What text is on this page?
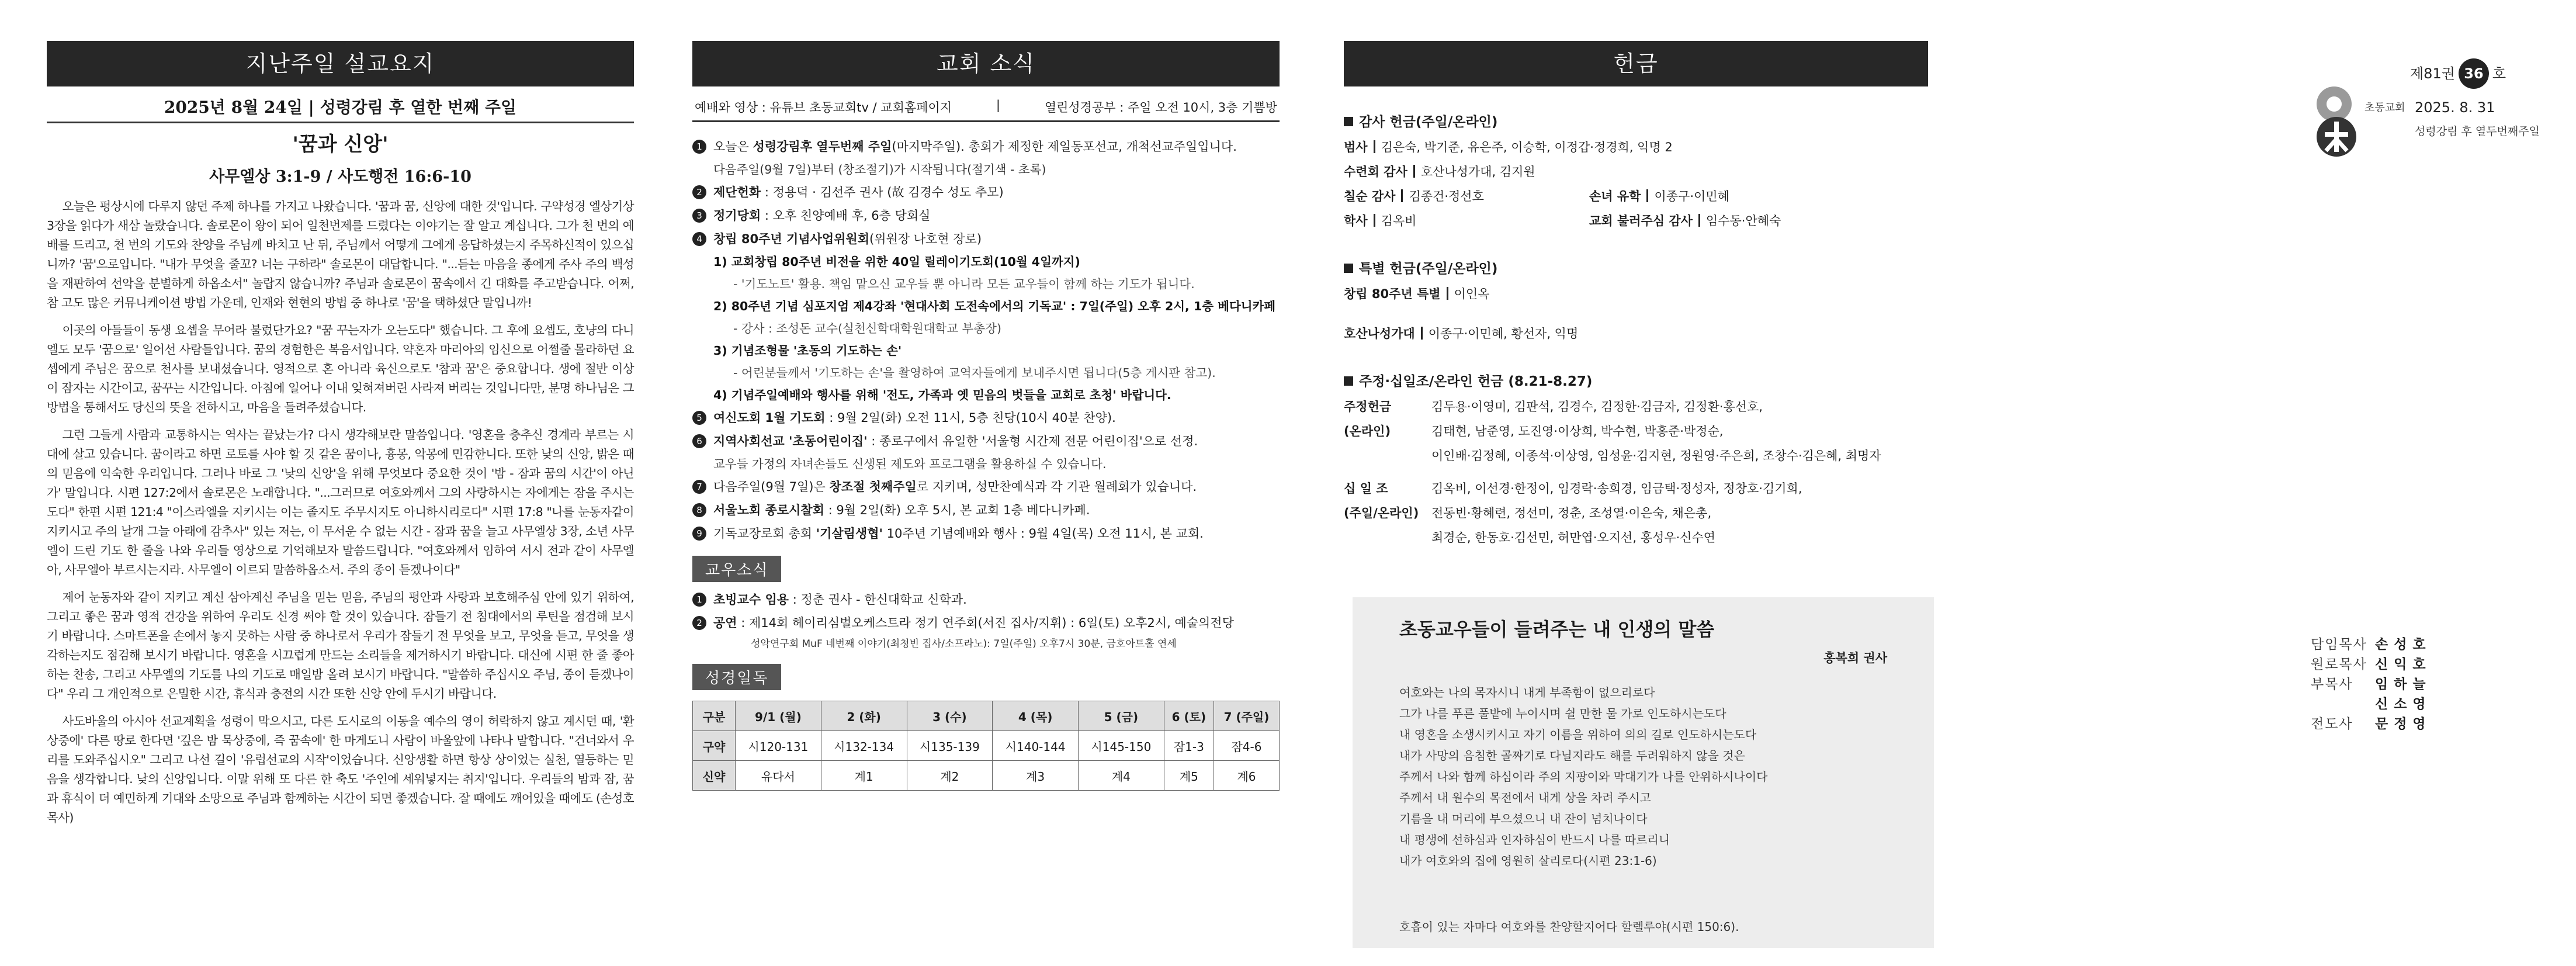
지난주일 설교요지
2025년 8월 24일 | 성령강림 후 열한 번째 주일
'꿈과 신앙'
사무엘상 3:1-9 / 사도행전 16:6-10

오늘은 평상시에 다루지 않던 주제 하나를 가지고 나왔습니다. '꿈과 꿈, 신앙에 대한 것'입니다. 구약성경 엘상기상 3장을 읽다가 새삼 놀랐습니다. 솔로몬이 왕이 되어 일천번제를 드렸다는 이야기는 잘 알고 계십니다. 그가 천 번의 예배를 드리고, 천 번의 기도와 찬양을 주님께 바치고 난 뒤, 주님께서 어떻게 그에게 응답하셨는지 주목하신적이 있으십니까? '꿈'으로입니다. "내가 무엇을 줄꼬? 너는 구하라" 솔로몬이 대답합니다. "...듣는 마음을 종에게 주사 주의 백성을 재판하여 선악을 분별하게 하옵소서" 놀랍지 않습니까? 주님과 솔로몬이 꿈속에서 긴 대화를 주고받습니다. 어쩌, 참 고도 많은 커뮤니케이션 방법 가운데, 인재와 현현의 방법 중 하나로 '꿈'을 택하셨단 말입니까!

이곳의 아들들이 동생 요셉을 무어라 불렀단가요? "꿈 꾸는자가 오는도다" 했습니다. 그 후에 요셉도, 호냥의 다니엘도 모두 '꿈으로' 일어선 사람들입니다. 꿈의 경험한은 복음서입니다. 약혼자 마리아의 임신으로 어쩔줄 몰라하던 요셉에게 주님은 꿈으로 천사를 보내셨습니다. 영적으로 혼 아니라 육신으로도 '참과 꿈'은 중요합니다. 생에 절반 이상이 잠자는 시간이고, 꿈꾸는 시간입니다. 아침에 일어나 이내 잊혀져버린 사라져 버리는 것입니다만, 분명 하나님은 그 방법을 통해서도 당신의 뜻을 전하시고, 마음을 들려주셨습니다.

그런 그들게 사람과 교통하시는 역사는 끝났는가? 다시 생각해보란 말씀입니다. '영혼을 충추신 경계라 부르는 시대에 살고 있습니다. 꿈이라고 하면 로토를 사야 할 것 같은 꿈이나, 흉몽, 악몽에 민감한니다. 또한 낮의 신앙, 밝은 때의 믿음에 익숙한 우리입니다. 그러나 바로 그 '낮의 신앙'을 위해 무엇보다 중요한 것이 '밤 - 잠과 꿈의 시간'이 아닌가' 말입니다. 시편 127:2에서 솔로몬은 노래합니다. "...그러므로 여호와께서 그의 사랑하시는 자에게는 잠을 주시는도다" 한편 시편 121:4 "이스라엘을 지키시는 이는 졸지도 주무시지도 아니하시리로다" 시편 17:8 "나를 눈동자같이 지키시고 주의 날개 그늘 아래에 감추사" 있는 저는, 이 무서운 수 없는 시간 - 잠과 꿈을 늘고 사무엘상 3장, 소년 사무엘이 드린 기도 한 줄을 나와 우리들 영상으로 기억해보자 말씀드립니다. "여호와께서 임하여 서시 전과 같이 사무엘아, 사무엘아 부르시는지라. 사무엘이 이르되 말씀하옵소서. 주의 종이 듣겠나이다"

제어 눈동자와 같이 지키고 계신 삼아계신 주님을 믿는 믿음, 주님의 평안과 사랑과 보호해주심 안에 있기 위하여, 그리고 좋은 꿈과 영적 건강을 위하여 우리도 신경 써야 할 것이 있습니다. 잠들기 전 침대에서의 루틴을 점검해 보시기 바랍니다. 스마트폰을 손에서 놓지 못하는 사람 중 하나로서 우리가 잠들기 전 무엇을 보고, 무엇을 듣고, 무엇을 생각하는지도 점검해 보시기 바랍니다. 영혼을 시끄럽게 만드는 소리들을 제거하시기 바랍니다. 대신에 시편 한 줄 좋아하는 찬송, 그리고 사무엘의 기도를 나의 기도로 매일밤 올려 보시기 바랍니다. "말씀하 주십시오 주님, 종이 듣겠나이다" 우리 그 개인적으로 은밀한 시간, 휴식과 충전의 시간 또한 신앙 안에 두시기 바랍니다.

사도바울의 아시아 선교계획을 성령이 막으시고, 다른 도시로의 이동을 예수의 영이 허락하지 않고 계시던 때, '환상중에' 다른 땅로 한다면 '깊은 밤 묵상중에, 즉 꿈속에' 한 마게도니 사람이 바울앞에 나타나 말합니다. "건너와서 우리를 도와주십시오" 그리고 나선 길이 '유럽선교의 시작'이었습니다. 신앙생활 하면 항상 상이었는 실천, 열등하는 믿음을 생각합니다. 낮의 신앙입니다. 이말 위해 또 다른 한 축도 '주인에 세워넣지는 취지'입니다. 우리들의 밤과 잠, 꿈과 휴식이 더 예민하게 기대와 소망으로 주님과 함께하는 시간이 되면 좋겠습니다. 잘 때에도 깨어있을 때에도 (손성호 목사)

교회 소식
예배와 영상 : 유튜브 초동교회tv / 교회홈페이지	|	열린성경공부 : 주일 오전 10시, 3층 기쁨방
1 오늘은 성령강림후 열두번째 주일(마지막주일). 총회가 제정한 제일동포선교, 개척선교주일입니다.
다음주일(9월 7일)부터 (창조절기)가 시작됩니다(절기색 - 초록)
2 제단헌화 : 정용덕 · 김선주 권사 (故 김경수 성도 추모)
3 정기당회 : 오후 친양예배 후, 6층 당회실
4 창립 80주년 기념사업위원회(위원장 나호현 장로)
1) 교회창립 80주년 비전을 위한 40일 릴레이기도회(10월 4일까지)
- '기도노트' 활용. 책임 맡으신 교우들 뿐 아니라 모든 교우들이 함께 하는 기도가 됩니다.
2) 80주년 기념 심포지엄 제4강좌 '현대사회 도전속에서의 기독교' : 7일(주일) 오후 2시, 1층 베다니카페
- 강사 : 조성돈 교수(실천신학대학원대학교 부총장)
3) 기념조형물 '초동의 기도하는 손'
- 어린분들께서 '기도하는 손'을 촬영하여 교역자들에게 보내주시면 됩니다(5층 게시판 참고).
4) 기념주일예배와 행사를 위해 '전도, 가족과 옛 믿음의 벗들을 교회로 초청' 바랍니다.
5 여신도회 1월 기도회 : 9월 2일(화) 오전 11시, 5층 친당(10시 40분 찬양).
6 지역사회선교 '초동어린이집' : 종로구에서 유일한 '서울형 시간제 전문 어린이집'으로 선정.
교우들 가정의 자녀손들도 신생된 제도와 프로그램을 활용하실 수 있습니다.
7 다음주일(9월 7일)은 창조절 첫째주일로 지키며, 성만찬예식과 각 기관 월례회가 있습니다.
8 서울노회 종로시찰회 : 9월 2일(화) 오후 5시, 본 교회 1층 베다니카페.
9 기독교장로회 총회 '기살림생협' 10주년 기념예배와 행사 : 9월 4일(목) 오전 11시, 본 교회.
교우소식
1 초빙교수 임용 : 정춘 권사 - 한신대학교 신학과.
2 공연 : 제14회 헤이리심벌오케스트라 정기 연주회(서진 집사/지휘) : 6일(토) 오후2시, 예술의전당
성악연구회 MuF 네번째 이야기(최청빈 집사/소프라노): 7일(주일) 오후7시 30분, 금호아트홀 연세
성경일독
구분	9/1 (월)	2 (화)	3 (수)	4 (목)	5 (금)	6 (토)	7 (주일)
구약	시120-131	시132-134	시135-139	시140-144	시145-150	잠1-3	잠4-6
신약	유다서	계1	계2	계3	계4	계5	계6
헌금
감사 헌금(주일/온라인)
범사 김은숙, 박기준, 유은주, 이승학, 이정갑·정경희, 익명 2
수련회 감사 호산나성가대, 김지원
칠순 감사 김종건·정선호	손녀 유학 이종구·이민혜
학사 김옥비	교회 불러주심 감사 임수동·안혜숙
특별 헌금(주일/온라인)
창립 80주년 특별 이인옥
호산나성가대 이종구·이민혜, 황선자, 익명
주정·십일조/온라인 헌금 (8.21-8.27)
주정헌금
(온라인)
김두용·이영미, 김판석, 김경수, 김정한·김금자, 김정환·홍선호,
김태현, 남준영, 도진영·이상희, 박수현, 박홍준·박정순,
이인배·김정혜, 이종석·이상영, 임성윤·김지현, 정원영·주은희, 조창수·김은혜, 최명자
십 일 조
(주일/온라인)
김옥비, 이선경·한정이, 임경락·송희경, 임금택·정성자, 정창호·김기희,
전동빈·황혜련, 정선미, 정춘, 조성열·이은숙, 채은총,
최경순, 한동호·김선민, 허만엽·오지선, 홍성우·신수연
초동교우들이 들려주는 내 인생의 말씀
홍복희 권사
여호와는 나의 목자시니 내게 부족함이 없으리로다
그가 나를 푸른 풀밭에 누이시며 쉴 만한 물 가로 인도하시는도다
내 영혼을 소생시키시고 자기 이름을 위하여 의의 길로 인도하시는도다
내가 사망의 음침한 골짜기로 다닐지라도 해를 두려워하지 않을 것은
주께서 나와 함께 하심이라 주의 지팡이와 막대기가 나를 안위하시나이다
주께서 내 원수의 목전에서 내게 상을 차려 주시고
기름을 내 머리에 부으셨으니 내 잔이 넘치나이다
내 평생에 선하심과 인자하심이 반드시 나를 따르리니
내가 여호와의 집에 영원히 살리로다(시편 23:1-6)
호흡이 있는 자마다 여호와를 찬양할지어다 할렐루야(시편 150:6).
초동교회
제81권 36 호
2025. 8. 31
성령강림 후 열두번째주일
담임목사 손성호
원로목사 신익호
부목사	임하늘
신소영
전도사	문정영
